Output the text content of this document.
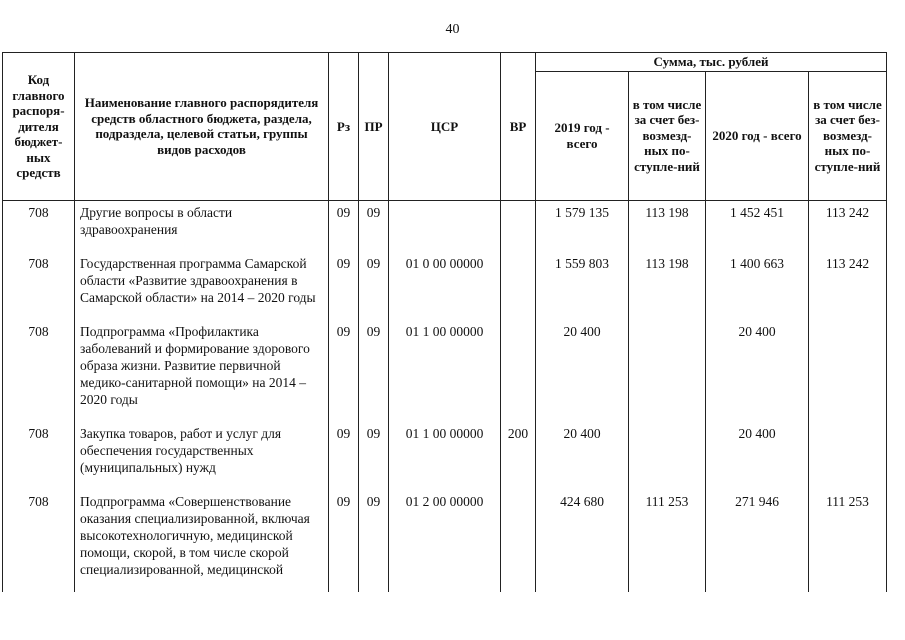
40
Код главного распоря-дителя бюджет-ных средств	Наименование главного распорядителя средств областного бюджета, раздела, подраздела, целевой статьи, группы видов расходов	Рз	ПР	ЦСР	ВР	Сумма, тыс. рублей			
						2019 год - всего	в том числе за счет без-возмезд-ных по-ступле-ний	2020 год - всего	в том числе за счет без-возмезд-ных по-ступле-ний
708	Другие вопросы в области здравоохранения	09	09			1 579 135	113 198	1 452 451	113 242
708	Государственная программа Самарской области «Развитие здравоохранения в Самарской области» на 2014 – 2020 годы	09	09	01 0 00 00000		1 559 803	113 198	1 400 663	113 242
708	Подпрограмма «Профилактика заболеваний и формирование здорового образа жизни. Развитие первичной медико-санитарной помощи» на 2014 – 2020 годы	09	09	01 1 00 00000		20 400		20 400	
708	Закупка товаров, работ и услуг для обеспечения государственных (муниципальных) нужд	09	09	01 1 00 00000	200	20 400		20 400	
708	Подпрограмма «Совершенствование оказания специализированной, включая высокотехнологичную, медицинской помощи, скорой, в том числе скорой специализированной, медицинской	09	09	01 2 00 00000		424 680	111 253	271 946	111 253
